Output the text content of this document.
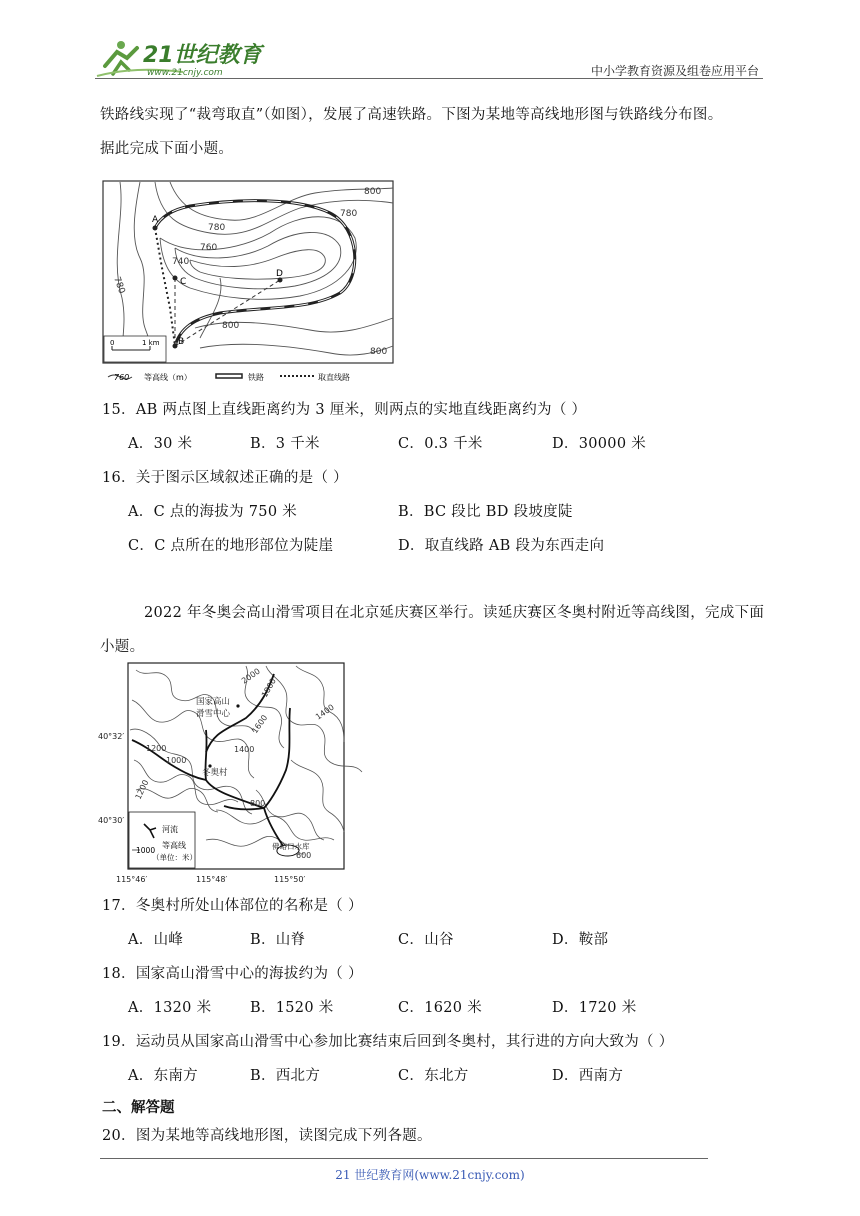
21世纪教育
www.21cnjy.com	中小学教育资源及组卷应用平台
铁路线实现了“裁弯取直”（如图），发展了高速铁路。下图为某地等高线地形图与铁路线分布图。
据此完成下面小题。
A
C
D
B
800
780
780
760
740
780
800
800
0	1 km
760 等高线（m）	铁路	取直线路
15．AB 两点图上直线距离约为 3 厘米，则两点的实地直线距离约为（ ）
A．30 米	B．3 千米	C．0.3 千米	D．30000 米
16．关于图示区域叙述正确的是（ ）
A．C 点的海拔为 750 米	B．BC 段比 BD 段坡度陡
C．C 点所在的地形部位为陡崖	D．取直线路 AB 段为东西走向
2022 年冬奥会高山滑雪项目在北京延庆赛区举行。读延庆赛区冬奥村附近等高线图，完成下面
小题。
国家高山
滑雪中心
冬奥村
佛峪口水库
2000
1800
1600
1400
1400
1200
1000
1200
800
600
40°32′
40°30′
115°46′	115°48′	115°50′
河流
等高线
（单位：米）
1000
17．冬奥村所处山体部位的名称是（ ）
A．山峰	B．山脊	C．山谷	D．鞍部
18．国家高山滑雪中心的海拔约为（ ）
A．1320 米	B．1520 米	C．1620 米	D．1720 米
19．运动员从国家高山滑雪中心参加比赛结束后回到冬奥村，其行进的方向大致为（ ）
A．东南方	B．西北方	C．东北方	D．西南方
二、解答题
20．图为某地等高线地形图，读图完成下列各题。
21 世纪教育网(www.21cnjy.com)
